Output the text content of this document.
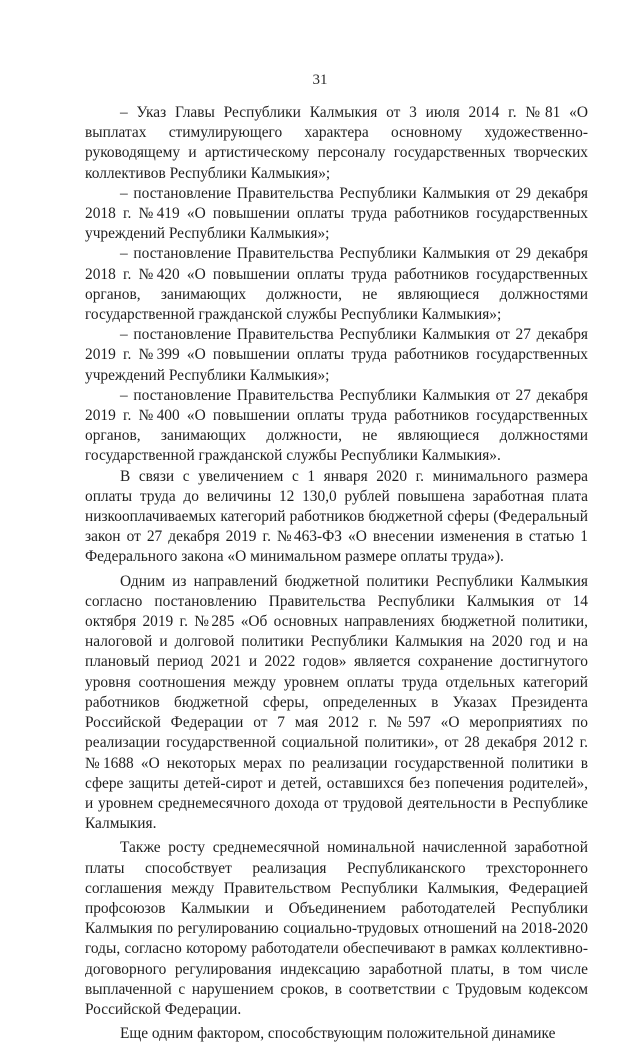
31

– Указ Главы Республики Калмыкия от 3 июля 2014 г. №81 «О выплатах стимулирующего характера основному художественно-руководящему и артистическому персоналу государственных творческих коллективов Республики Калмыкия»;

– постановление Правительства Республики Калмыкия от 29 декабря 2018 г. №419 «О повышении оплаты труда работников государственных учреждений Республики Калмыкия»;

– постановление Правительства Республики Калмыкия от 29 декабря 2018 г. №420 «О повышении оплаты труда работников государственных органов, занимающих должности, не являющиеся должностями государственной гражданской службы Республики Калмыкия»;

– постановление Правительства Республики Калмыкия от 27 декабря 2019 г. №399 «О повышении оплаты труда работников государственных учреждений Республики Калмыкия»;

– постановление Правительства Республики Калмыкия от 27 декабря 2019 г. №400 «О повышении оплаты труда работников государственных органов, занимающих должности, не являющиеся должностями государственной гражданской службы Республики Калмыкия».

В связи с увеличением с 1 января 2020 г. минимального размера оплаты труда до величины 12 130,0 рублей повышена заработная плата низкооплачиваемых категорий работников бюджетной сферы (Федеральный закон от 27 декабря 2019 г. №463-ФЗ «О внесении изменения в статью 1 Федерального закона «О минимальном размере оплаты труда»).

Одним из направлений бюджетной политики Республики Калмыкия согласно постановлению Правительства Республики Калмыкия от 14 октября 2019 г. №285 «Об основных направлениях бюджетной политики, налоговой и долговой политики Республики Калмыкия на 2020 год и на плановый период 2021 и 2022 годов» является сохранение достигнутого уровня соотношения между уровнем оплаты труда отдельных категорий работников бюджетной сферы, определенных в Указах Президента Российской Федерации от 7 мая 2012 г. №597 «О мероприятиях по реализации государственной социальной политики», от 28 декабря 2012 г. №1688 «О некоторых мерах по реализации государственной политики в сфере защиты детей-сирот и детей, оставшихся без попечения родителей», и уровнем среднемесячного дохода от трудовой деятельности в Республике Калмыкия.

Также росту среднемесячной номинальной начисленной заработной платы способствует реализация Республиканского трехстороннего соглашения между Правительством Республики Калмыкия, Федерацией профсоюзов Калмыкии и Объединением работодателей Республики Калмыкия по регулированию социально-трудовых отношений на 2018-2020 годы, согласно которому работодатели обеспечивают в рамках коллективно-договорного регулирования индексацию заработной платы, в том числе выплаченной с нарушением сроков, в соответствии с Трудовым кодексом Российской Федерации.

Еще одним фактором, способствующим положительной динамике
